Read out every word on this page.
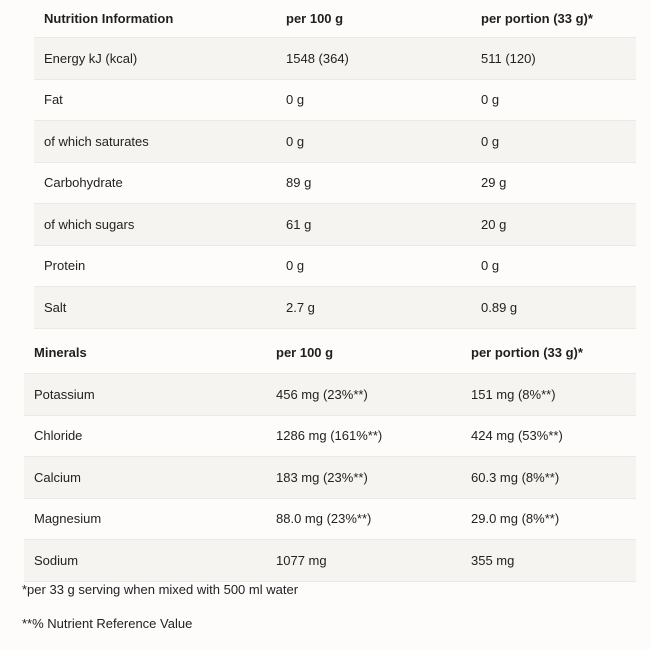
Nutrition Information	per 100 g	per portion (33 g)*
Energy kJ (kcal)	1548 (364)	511 (120)
Fat	0 g	0 g
of which saturates	0 g	0 g
Carbohydrate	89 g	29 g
of which sugars	61 g	20 g
Protein	0 g	0 g
Salt	2.7 g	0.89 g
Minerals	per 100 g	per portion (33 g)*
Potassium	456 mg (23%**)	151 mg (8%**)
Chloride	1286 mg (161%**)	424 mg (53%**)
Calcium	183 mg (23%**)	60.3 mg (8%**)
Magnesium	88.0 mg (23%**)	29.0 mg (8%**)
Sodium	1077 mg	355 mg
*per 33 g serving when mixed with 500 ml water
**% Nutrient Reference Value
